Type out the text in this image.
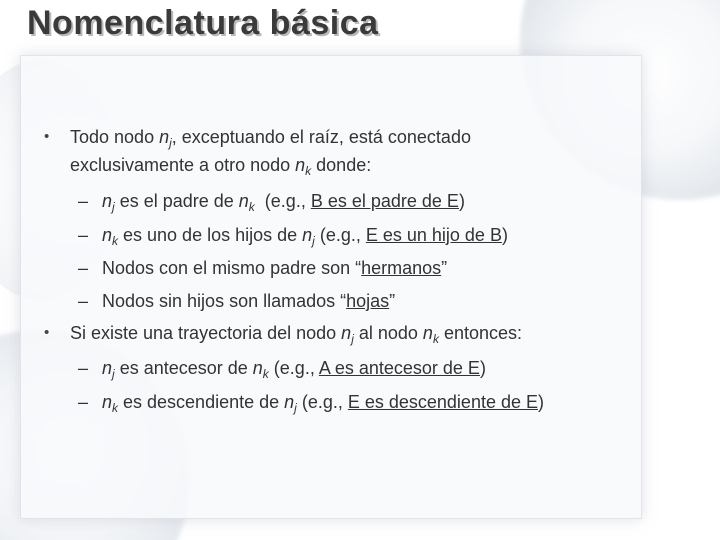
Nomenclatura básica
• Todo nodo $n_j$, exceptuando el raíz, está conectado
exclusivamente a otro nodo $n_k$ donde:
– $n_j$ es el padre de $n_k$  (e.g., B es el padre de E)
– $n_k$ es uno de los hijos de $n_j$ (e.g., E es un hijo de B)
– Nodos con el mismo padre son “hermanos”
– Nodos sin hijos son llamados “hojas”
• Si existe una trayectoria del nodo $n_j$ al nodo $n_k$ entonces:
– $n_j$ es antecesor de $n_k$ (e.g., A es antecesor de E)
– $n_k$ es descendiente de $n_j$ (e.g., E es descendiente de E)
